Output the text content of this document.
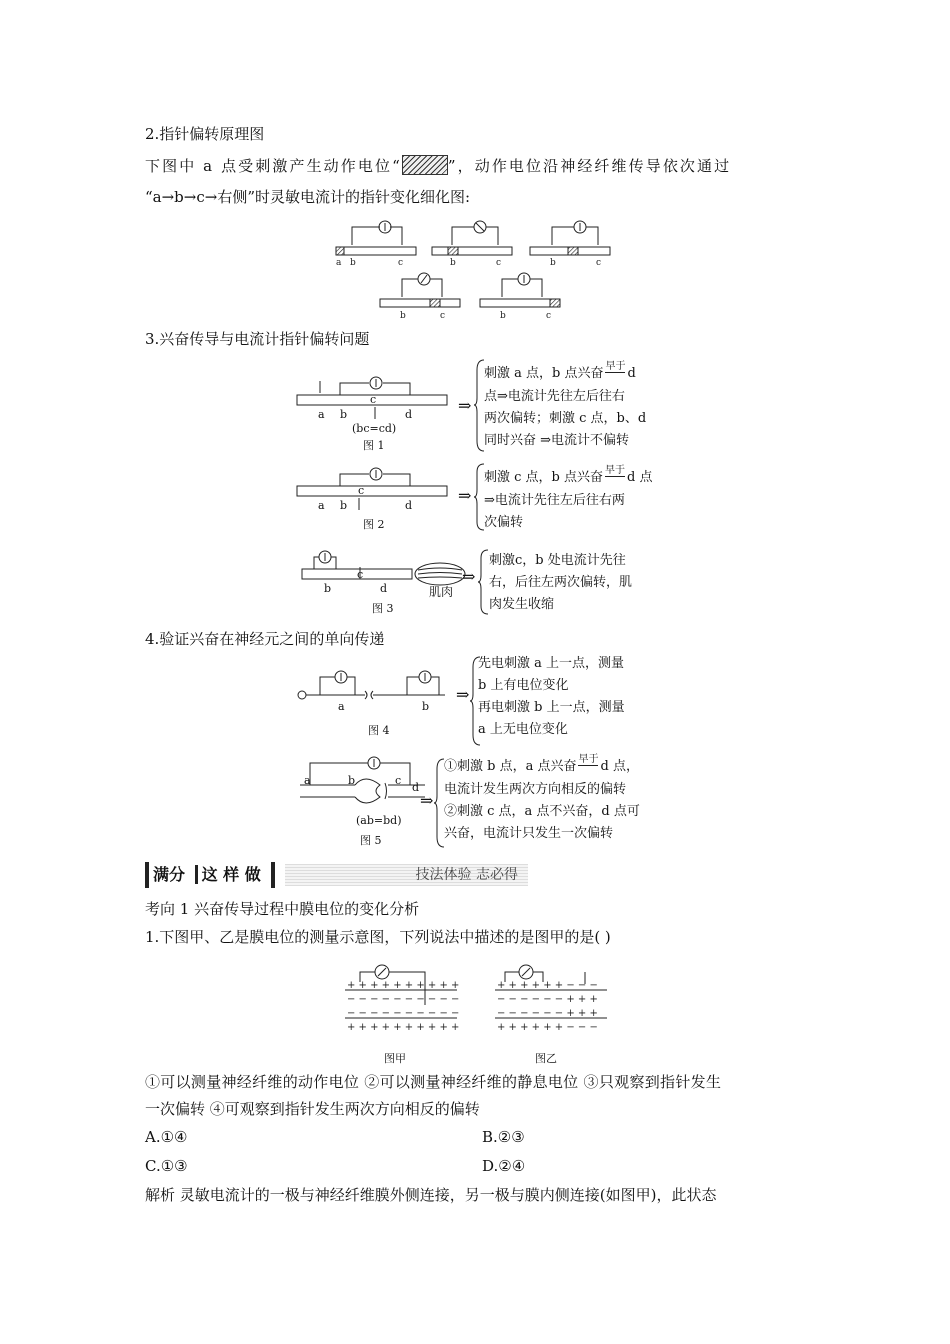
2.指针偏转原理图
下图中 a 点受刺激产生动作电位“	”，动作电位沿神经纤维传导依次通过
“a→b→c→右侧”时灵敏电流计的指针变化细化图:
a b	c	b	c	b	c
b	c	b	c
3.兴奋传导与电流计指针偏转问题
a b
c
d
(bc=cd)
图 1
⇒
刺激 a 点，b 点兴奋 $^{早于}$ d
点⇒电流计先往左后往右
两次偏转；刺激 c 点，b、d
同时兴奋 ⇒电流计不偏转
a b
c
d
图 2
⇒
刺激 c 点，b 点兴奋 $^{早于}$ d 点
⇒电流计先往左后往右两
次偏转
b
c
d	肌肉
图 3
⇒
刺激c，b 处电流计先往
右，后往左两次偏转，肌
肉发生收缩
4.验证兴奋在神经元之间的单向传递
a	b
图 4
⇒
先电刺激 a 上一点，测量
b 上有电位变化
再电刺激 b 上一点，测量
a 上无电位变化
a	b	c
d
(ab=bd)
图 5
⇒
①刺激 b 点，a 点兴奋 $^{早于}$ d 点，
电流计发生两次方向相反的偏转
②刺激 c 点，a 点不兴奋，d 点可
兴奋，电流计只发生一次偏转
满分 这 样 做	技法体验 志必得
考向 1 兴奋传导过程中膜电位的变化分析
1.下图甲、乙是膜电位的测量示意图，下列说法中描述的是图甲的是( )
+ + + + + + + + + +
− − − − − − − − − −
− − − − − − − − − −
+ + + + + + + + + +
+ + + + + + − − −
− − − − − − + + +
− − − − − − + + +
+ + + + + + − − −
图甲	图乙
①可以测量神经纤维的动作电位 ②可以测量神经纤维的静息电位 ③只观察到指针发生
一次偏转 ④可观察到指针发生两次方向相反的偏转
A.①④	B.②③
C.①③	D.②④
解析 灵敏电流计的一极与神经纤维膜外侧连接，另一极与膜内侧连接(如图甲)，此状态
